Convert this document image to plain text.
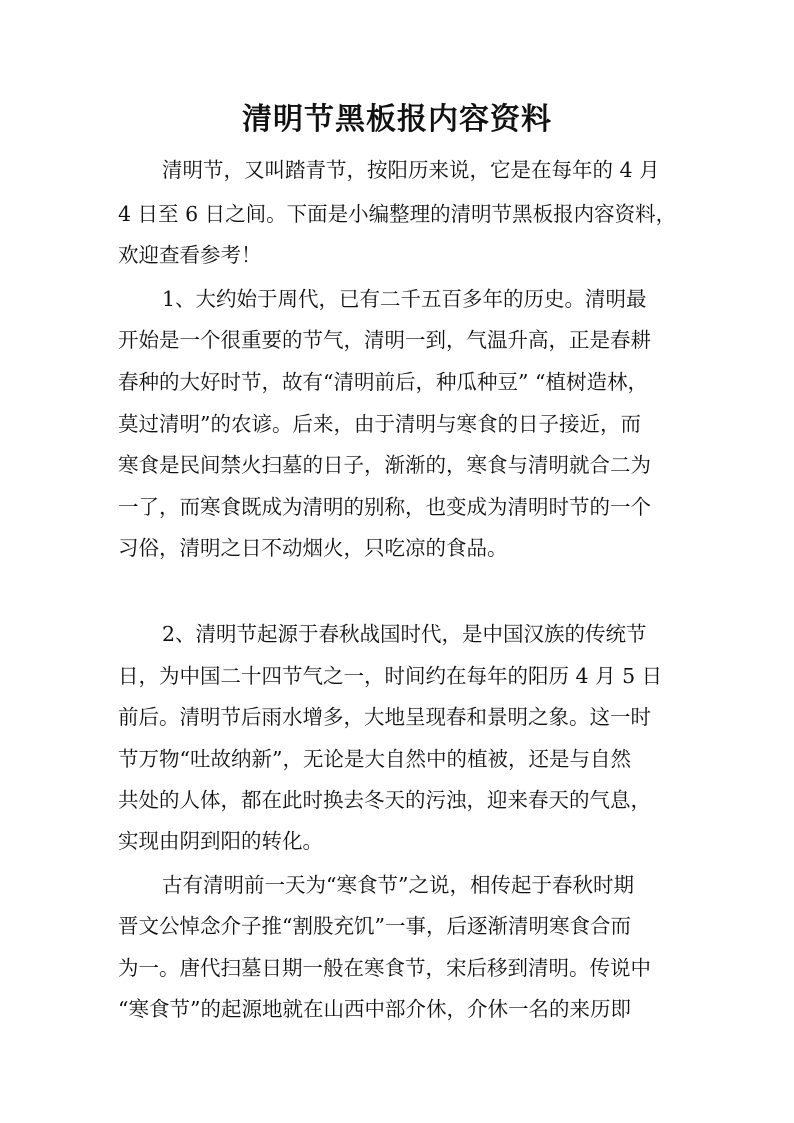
清明节黑板报内容资料

清明节，又叫踏青节，按阳历来说，它是在每年的 4 月

4 日至 6 日之间。下面是小编整理的清明节黑板报内容资料，

欢迎查看参考！

1、大约始于周代，已有二千五百多年的历史。清明最

开始是一个很重要的节气，清明一到，气温升高，正是春耕

春种的大好时节，故有“清明前后，种瓜种豆” “植树造林，

莫过清明”的农谚。后来，由于清明与寒食的日子接近，而

寒食是民间禁火扫墓的日子，渐渐的，寒食与清明就合二为

一了，而寒食既成为清明的别称，也变成为清明时节的一个

习俗，清明之日不动烟火，只吃凉的食品。

2、清明节起源于春秋战国时代，是中国汉族的传统节

日，为中国二十四节气之一，时间约在每年的阳历 4 月 5 日

前后。清明节后雨水增多，大地呈现春和景明之象。这一时

节万物“吐故纳新”，无论是大自然中的植被，还是与自然

共处的人体，都在此时换去冬天的污浊，迎来春天的气息，

实现由阴到阳的转化。

古有清明前一天为“寒食节”之说，相传起于春秋时期

晋文公悼念介子推“割股充饥”一事，后逐渐清明寒食合而

为一。唐代扫墓日期一般在寒食节，宋后移到清明。传说中

“寒食节”的起源地就在山西中部介休，介休一名的来历即
